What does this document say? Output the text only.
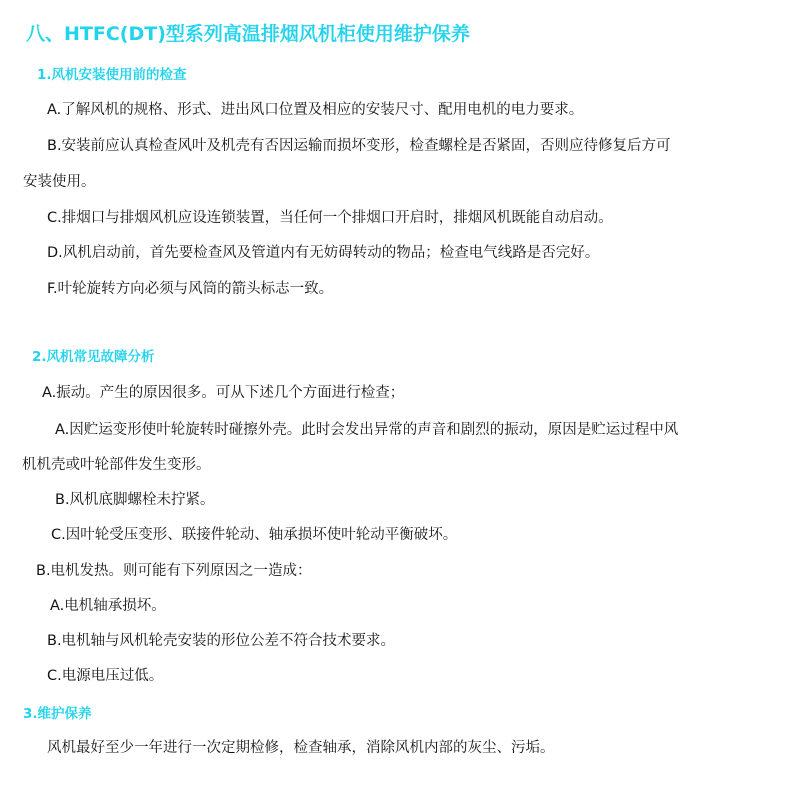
八、HTFC(DT)型系列高温排烟风机柜使用维护保养
1.风机安装使用前的检查
A.了解风机的规格、形式、进出风口位置及相应的安装尺寸、配用电机的电力要求。
B.安装前应认真检查风叶及机壳有否因运输而损坏变形，检查螺栓是否紧固，否则应待修复后方可
安装使用。
C.排烟口与排烟风机应设连锁装置，当任何一个排烟口开启时，排烟风机既能自动启动。
D.风机启动前，首先要检查风及管道内有无妨碍转动的物品；检查电气线路是否完好。
F.叶轮旋转方向必须与风筒的箭头标志一致。
2.风机常见故障分析
A.振动。产生的原因很多。可从下述几个方面进行检查；
A.因贮运变形使叶轮旋转时碰擦外壳。此时会发出异常的声音和剧烈的振动，原因是贮运过程中风
机机壳或叶轮部件发生变形。
B.风机底脚螺栓未拧紧。
C.因叶轮受压变形、联接件轮动、轴承损坏使叶轮动平衡破坏。
B.电机发热。则可能有下列原因之一造成：
A.电机轴承损坏。
B.电机轴与风机轮壳安装的形位公差不符合技术要求。
C.电源电压过低。
3.维护保养
风机最好至少一年进行一次定期检修，检查轴承，消除风机内部的灰尘、污垢。
